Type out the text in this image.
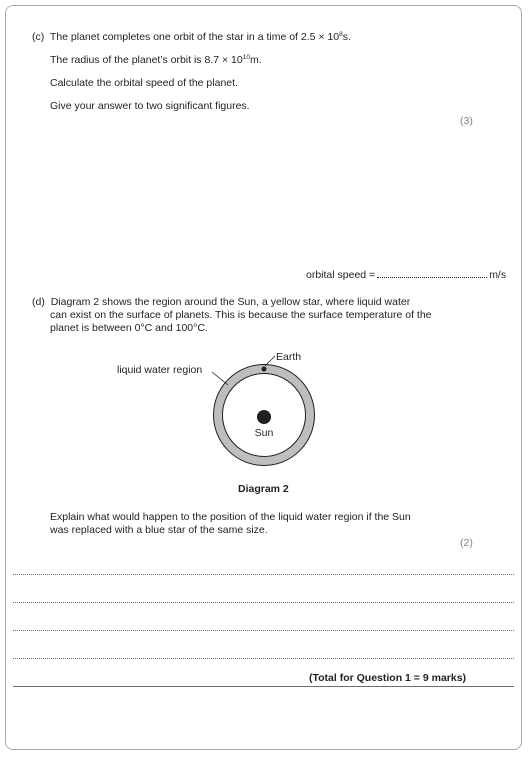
(c) The planet completes one orbit of the star in a time of $2.5 \times 10^8s$.
The radius of the planet’s orbit is $8.7 \times 10^{10}m$.
Calculate the orbital speed of the planet.
Give your answer to two significant figures.
(3)
orbital speed =	m/s
(d) Diagram 2 shows the region around the Sun, a yellow star, where liquid water
can exist on the surface of planets. This is because the surface temperature of the
planet is between 0°C and 100°C.
Earth
liquid water region
Sun
Diagram 2
Explain what would happen to the position of the liquid water region if the Sun
was replaced with a blue star of the same size.
(2)
(Total for Question 1 = 9 marks)
